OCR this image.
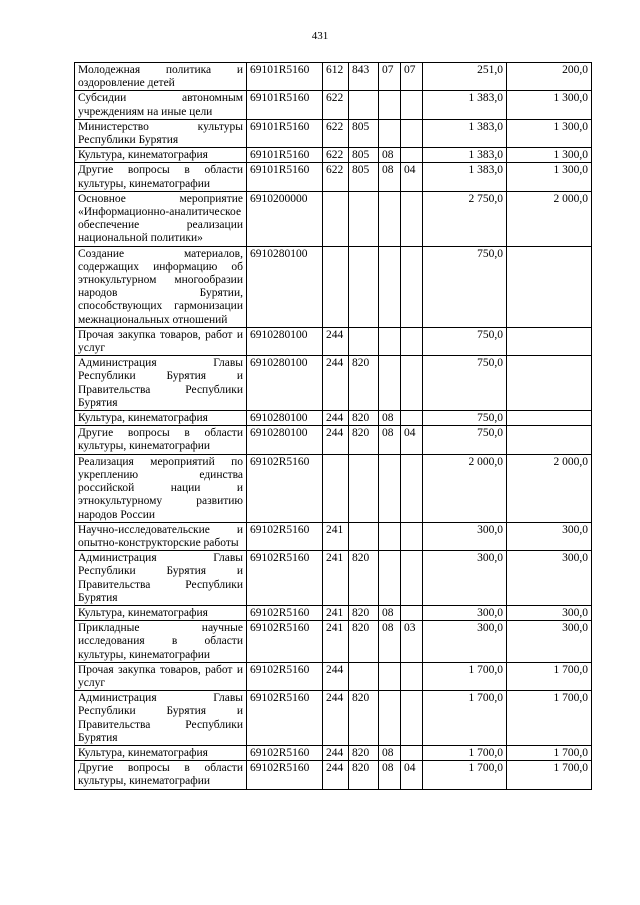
431
Молодежная политика и оздоровление детей	69101R5160	612	843	07	07	251,0	200,0
Субсидии автономным учреждениям на иные цели	69101R5160	622				1 383,0	1 300,0
Министерство культуры Республики Бурятия	69101R5160	622	805			1 383,0	1 300,0
Культура, кинематография	69101R5160	622	805	08		1 383,0	1 300,0
Другие вопросы в области культуры, кинематографии	69101R5160	622	805	08	04	1 383,0	1 300,0
Основное мероприятие «Информационно-аналитическое обеспечение реализации национальной политики»	6910200000					2 750,0	2 000,0
Создание материалов, содержащих информацию об этнокультурном многообразии народов Бурятии, способствующих гармонизации межнациональных отношений	6910280100					750,0	
Прочая закупка товаров, работ и услуг	6910280100	244				750,0	
Администрация Главы Республики Бурятия и Правительства Республики Бурятия	6910280100	244	820			750,0	
Культура, кинематография	6910280100	244	820	08		750,0	
Другие вопросы в области культуры, кинематографии	6910280100	244	820	08	04	750,0	
Реализация мероприятий по укреплению единства российской нации и этнокультурному развитию народов России	69102R5160					2 000,0	2 000,0
Научно-исследовательские и опытно-конструкторские работы	69102R5160	241				300,0	300,0
Администрация Главы Республики Бурятия и Правительства Республики Бурятия	69102R5160	241	820			300,0	300,0
Культура, кинематография	69102R5160	241	820	08		300,0	300,0
Прикладные научные исследования в области культуры, кинематографии	69102R5160	241	820	08	03	300,0	300,0
Прочая закупка товаров, работ и услуг	69102R5160	244				1 700,0	1 700,0
Администрация Главы Республики Бурятия и Правительства Республики Бурятия	69102R5160	244	820			1 700,0	1 700,0
Культура, кинематография	69102R5160	244	820	08		1 700,0	1 700,0
Другие вопросы в области культуры, кинематографии	69102R5160	244	820	08	04	1 700,0	1 700,0
